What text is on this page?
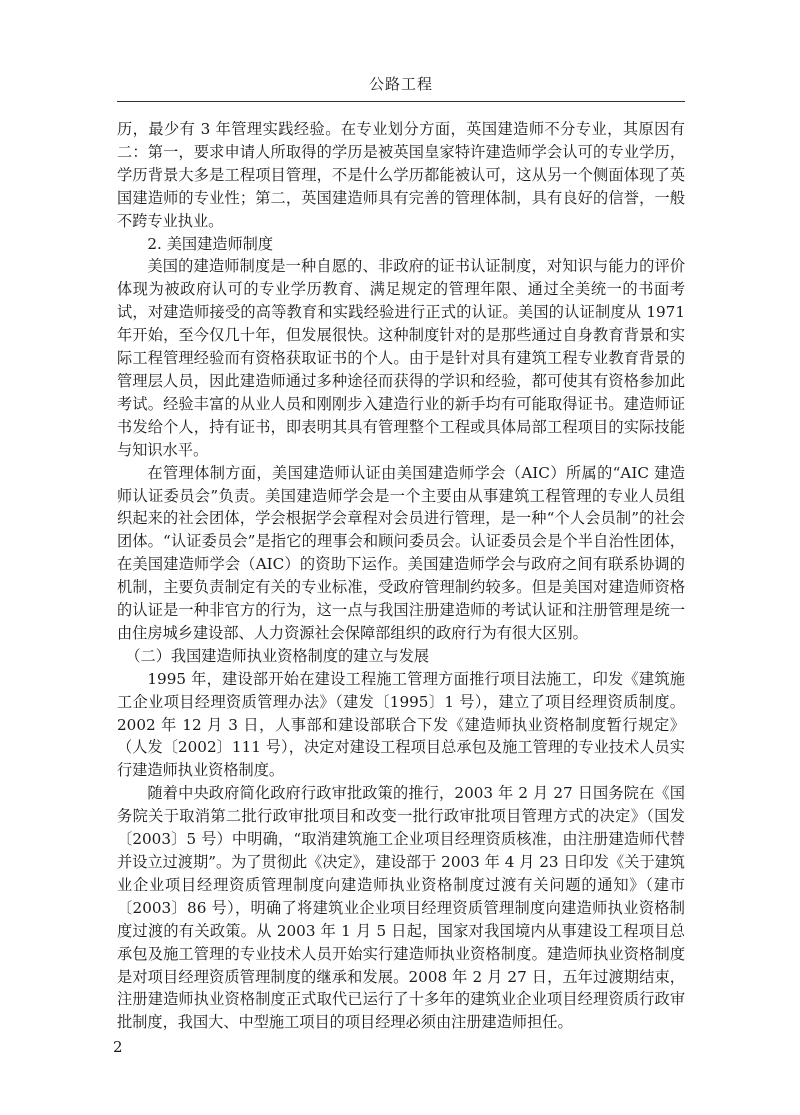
公路工程

历，最少有 3 年管理实践经验。在专业划分方面，英国建造师不分专业，其原因有二：第一，要求申请人所取得的学历是被英国皇家特许建造师学会认可的专业学历，学历背景大多是工程项目管理，不是什么学历都能被认可，这从另一个侧面体现了英国建造师的专业性；第二，英国建造师具有完善的管理体制，具有良好的信誉，一般不跨专业执业。

2. 美国建造师制度

美国的建造师制度是一种自愿的、非政府的证书认证制度，对知识与能力的评价体现为被政府认可的专业学历教育、满足规定的管理年限、通过全美统一的书面考试，对建造师接受的高等教育和实践经验进行正式的认证。美国的认证制度从 1971 年开始，至今仅几十年，但发展很快。这种制度针对的是那些通过自身教育背景和实际工程管理经验而有资格获取证书的个人。由于是针对具有建筑工程专业教育背景的管理层人员，因此建造师通过多种途径而获得的学识和经验，都可使其有资格参加此考试。经验丰富的从业人员和刚刚步入建造行业的新手均有可能取得证书。建造师证书发给个人，持有证书，即表明其具有管理整个工程或具体局部工程项目的实际技能与知识水平。

在管理体制方面，美国建造师认证由美国建造师学会（AIC）所属的“AIC 建造师认证委员会”负责。美国建造师学会是一个主要由从事建筑工程管理的专业人员组织起来的社会团体，学会根据学会章程对会员进行管理，是一种“个人会员制”的社会团体。“认证委员会”是指它的理事会和顾问委员会。认证委员会是个半自治性团体，在美国建造师学会（AIC）的资助下运作。美国建造师学会与政府之间有联系协调的机制，主要负责制定有关的专业标准，受政府管理制约较多。但是美国对建造师资格的认证是一种非官方的行为，这一点与我国注册建造师的考试认证和注册管理是统一由住房城乡建设部、人力资源社会保障部组织的政府行为有很大区别。

（二）我国建造师执业资格制度的建立与发展

1995 年，建设部开始在建设工程施工管理方面推行项目法施工，印发《建筑施工企业项目经理资质管理办法》（建发〔1995〕1 号），建立了项目经理资质制度。2002 年 12 月 3 日，人事部和建设部联合下发《建造师执业资格制度暂行规定》（人发〔2002〕111 号），决定对建设工程项目总承包及施工管理的专业技术人员实行建造师执业资格制度。

随着中央政府简化政府行政审批政策的推行，2003 年 2 月 27 日国务院在《国务院关于取消第二批行政审批项目和改变一批行政审批项目管理方式的决定》（国发〔2003〕5 号）中明确，“取消建筑施工企业项目经理资质核准，由注册建造师代替并设立过渡期”。为了贯彻此《决定》，建设部于 2003 年 4 月 23 日印发《关于建筑业企业项目经理资质管理制度向建造师执业资格制度过渡有关问题的通知》（建市〔2003〕86 号），明确了将建筑业企业项目经理资质管理制度向建造师执业资格制度过渡的有关政策。从 2003 年 1 月 5 日起，国家对我国境内从事建设工程项目总承包及施工管理的专业技术人员开始实行建造师执业资格制度。建造师执业资格制度是对项目经理资质管理制度的继承和发展。2008 年 2 月 27 日，五年过渡期结束，注册建造师执业资格制度正式取代已运行了十多年的建筑业企业项目经理资质行政审批制度，我国大、中型施工项目的项目经理必须由注册建造师担任。

2
